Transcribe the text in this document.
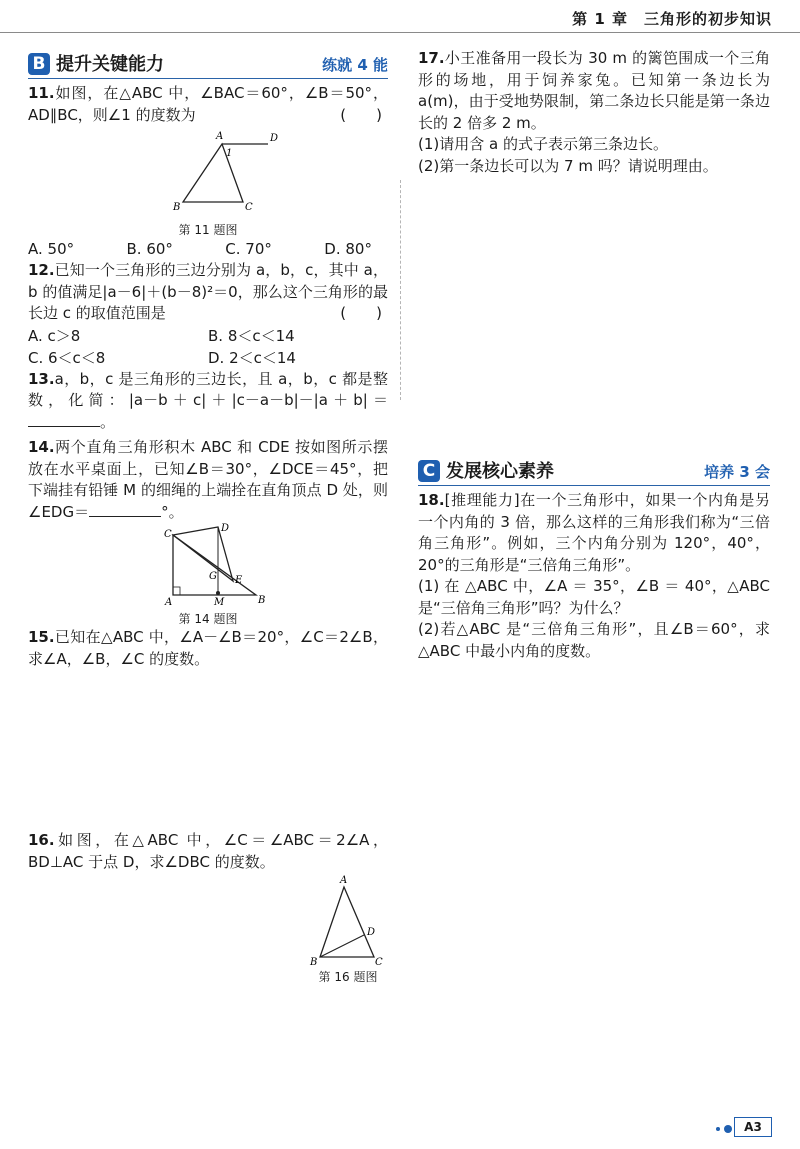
第 1 章　三角形的初步知识
B 提升关键能力	练就 4 能

11.如图，在△ABC 中，∠BAC＝60°，∠B＝50°，AD∥BC，则∠1 的度数为	(　　)

A	D
1
B	C
第 11 题图
A. 50°	B. 60°	C. 70°	D. 80°

12.已知一个三角形的三边分别为 a，b，c，其中 a，b 的值满足|a－6|＋(b－8)²＝0，那么这个三角形的最长边 c 的取值范围是	(　　)

A. c＞8	B. 8＜c＜14
C. 6＜c＜8	D. 2＜c＜14

13.a，b，c 是三角形的三边长，且 a，b，c 都是整数，化简：|a－b＋c|＋|c－a－b|－|a＋b|＝。

14.两个直角三角形积木 ABC 和 CDE 按如图所示摆放在水平桌面上，已知∠B＝30°，∠DCE＝45°，把下端挂有铅锤 M 的细绳的上端拴在直角顶点 D 处，则∠EDG＝	°。

C
D
E
G
A	M	B
第 14 题图

15.已知在△ABC 中，∠A－∠B＝20°，∠C＝2∠B，求∠A，∠B，∠C 的度数。

16.如图，在△ABC 中，∠C＝∠ABC＝2∠A，BD⊥AC 于点 D，求∠DBC 的度数。

A
D
B	C
第 16 题图

17.小王准备用一段长为 30 m 的篱笆围成一个三角形的场地，用于饲养家兔。已知第一条边长为 a(m)，由于受地势限制，第二条边长只能是第一条边长的 2 倍多 2 m。

(1)请用含 a 的式子表示第三条边长。

(2)第一条边长可以为 7 m 吗？请说明理由。

C 发展核心素养	培养 3 会

18.[推理能力]在一个三角形中，如果一个内角是另一个内角的 3 倍，那么这样的三角形我们称为“三倍角三角形”。例如，三个内角分别为 120°，40°，20°的三角形是“三倍角三角形”。

(1) 在 △ABC 中，∠A ＝ 35°，∠B ＝ 40°，△ABC 是“三倍角三角形”吗？为什么？

(2)若△ABC 是“三倍角三角形”，且∠B＝60°，求△ABC 中最小内角的度数。

A3
